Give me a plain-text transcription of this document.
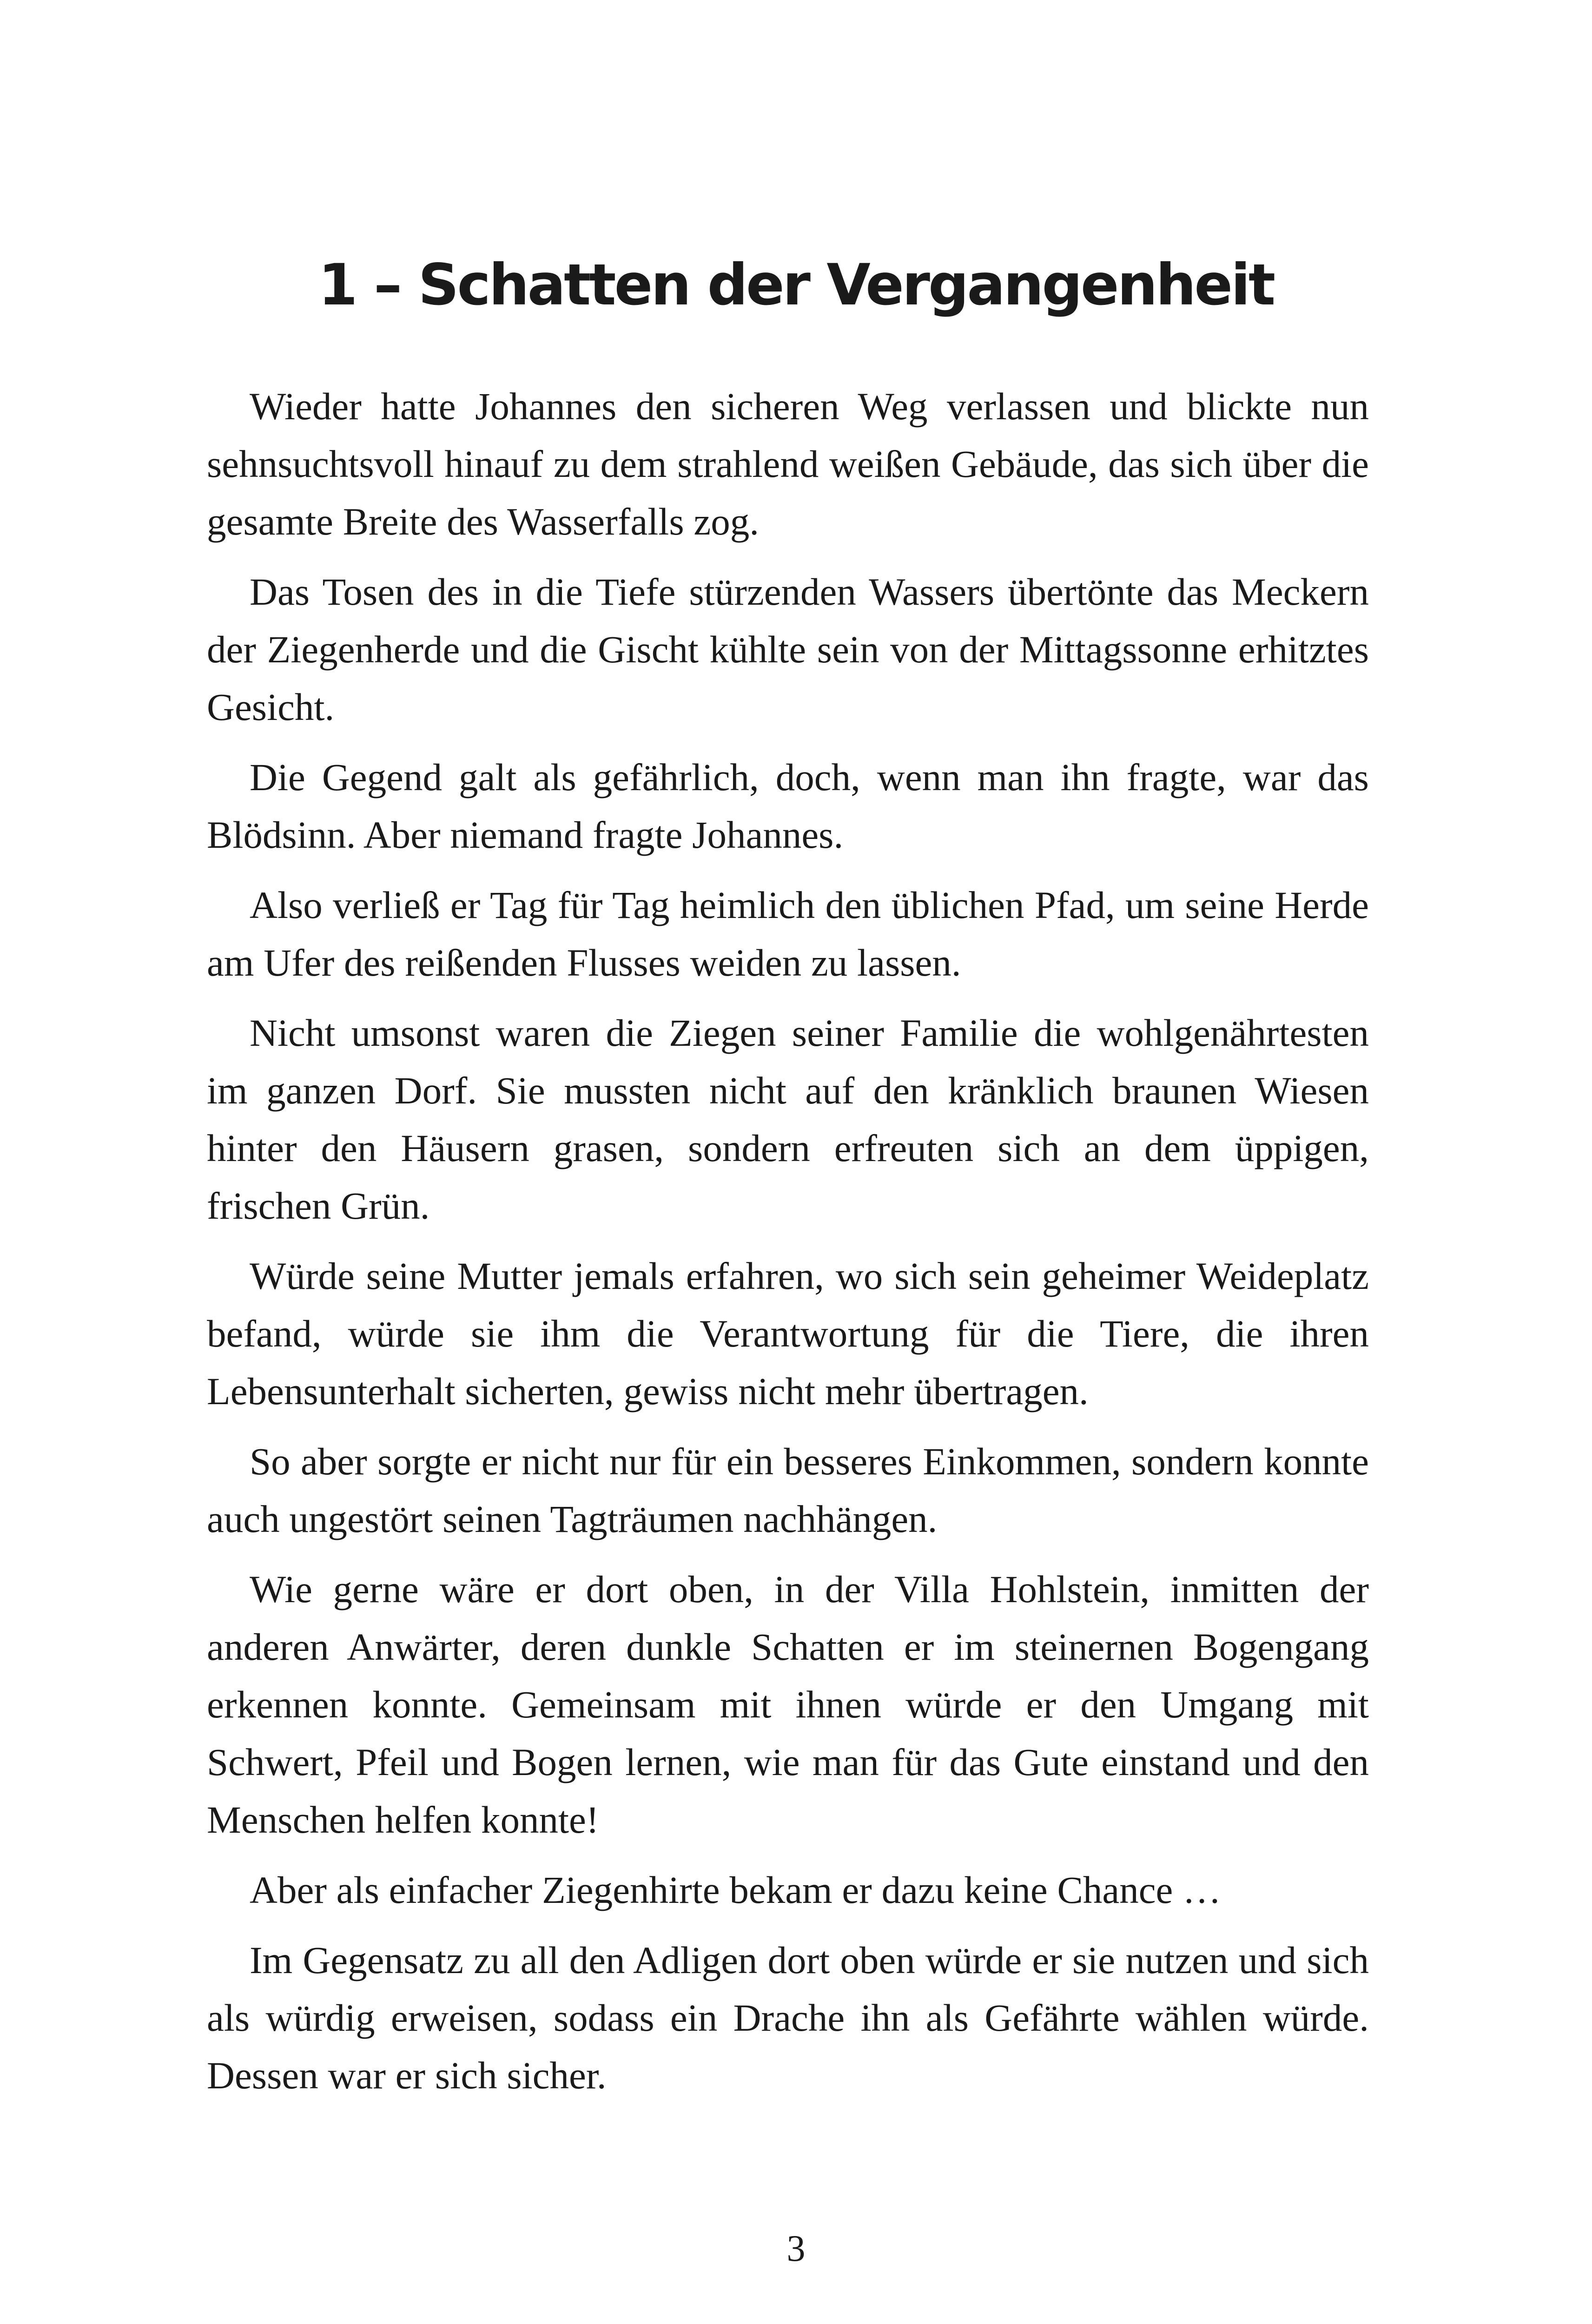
1 – Schatten der Vergangenheit

Wieder hatte Johannes den sicheren Weg verlassen und blickte nun sehnsuchtsvoll hinauf zu dem strahlend weißen Gebäude, das sich über die gesamte Breite des Wasserfalls zog.

Das Tosen des in die Tiefe stürzenden Wassers übertönte das Meckern der Ziegenherde und die Gischt kühlte sein von der Mittagssonne erhitztes Gesicht.

Die Gegend galt als gefährlich, doch, wenn man ihn fragte, war das Blödsinn. Aber niemand fragte Johannes.

Also verließ er Tag für Tag heimlich den üblichen Pfad, um seine Herde am Ufer des reißenden Flusses weiden zu lassen.

Nicht umsonst waren die Ziegen seiner Familie die wohlgenährtesten im ganzen Dorf. Sie mussten nicht auf den kränklich braunen Wiesen hinter den Häusern grasen, sondern erfreuten sich an dem üppigen, frischen Grün.

Würde seine Mutter jemals erfahren, wo sich sein geheimer Weideplatz befand, würde sie ihm die Verantwortung für die Tiere, die ihren Lebensunterhalt sicherten, gewiss nicht mehr übertragen.

So aber sorgte er nicht nur für ein besseres Einkommen, sondern konnte auch ungestört seinen Tagträumen nachhängen.

Wie gerne wäre er dort oben, in der Villa Hohlstein, inmitten der anderen Anwärter, deren dunkle Schatten er im steinernen Bogengang erkennen konnte. Gemeinsam mit ihnen würde er den Umgang mit Schwert, Pfeil und Bogen lernen, wie man für das Gute einstand und den Menschen helfen konnte!

Aber als einfacher Ziegenhirte bekam er dazu keine Chance …

Im Gegensatz zu all den Adligen dort oben würde er sie nutzen und sich als würdig erweisen, sodass ein Drache ihn als Gefährte wählen würde. Dessen war er sich sicher.

3
